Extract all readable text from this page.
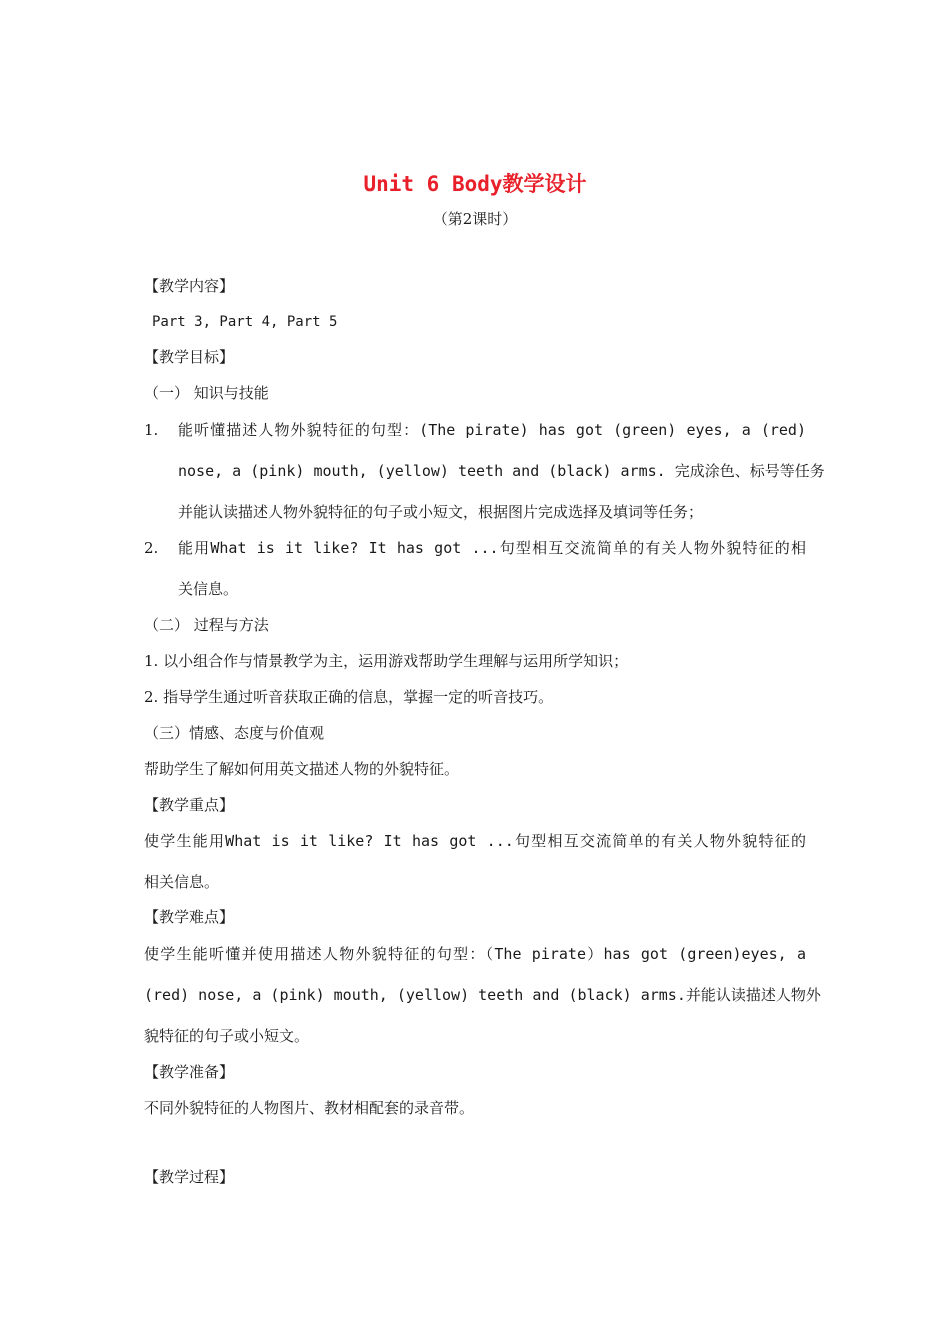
Unit 6 Body教学设计
（第2课时）
【教学内容】
Part 3, Part 4, Part 5
【教学目标】
（一） 知识与技能
1. 能听懂描述人物外貌特征的句型：(The pirate) has got (green) eyes, a (red)
nose, a (pink) mouth, (yellow) teeth and (black) arms. 完成涂色、标号等任务
并能认读描述人物外貌特征的句子或小短文，根据图片完成选择及填词等任务；
2. 能用What is it like? It has got ...句型相互交流简单的有关人物外貌特征的相
关信息。
（二） 过程与方法
1. 以小组合作与情景教学为主，运用游戏帮助学生理解与运用所学知识；
2. 指导学生通过听音获取正确的信息，掌握一定的听音技巧。
（三）情感、态度与价值观
帮助学生了解如何用英文描述人物的外貌特征。
【教学重点】
使学生能用What is it like? It has got ...句型相互交流简单的有关人物外貌特征的
相关信息。
【教学难点】
使学生能听懂并使用描述人物外貌特征的句型：（The pirate）has got (green)eyes, a
(red) nose, a (pink) mouth, (yellow) teeth and (black) arms.并能认读描述人物外
貌特征的句子或小短文。
【教学准备】
不同外貌特征的人物图片、教材相配套的录音带。
【教学过程】
